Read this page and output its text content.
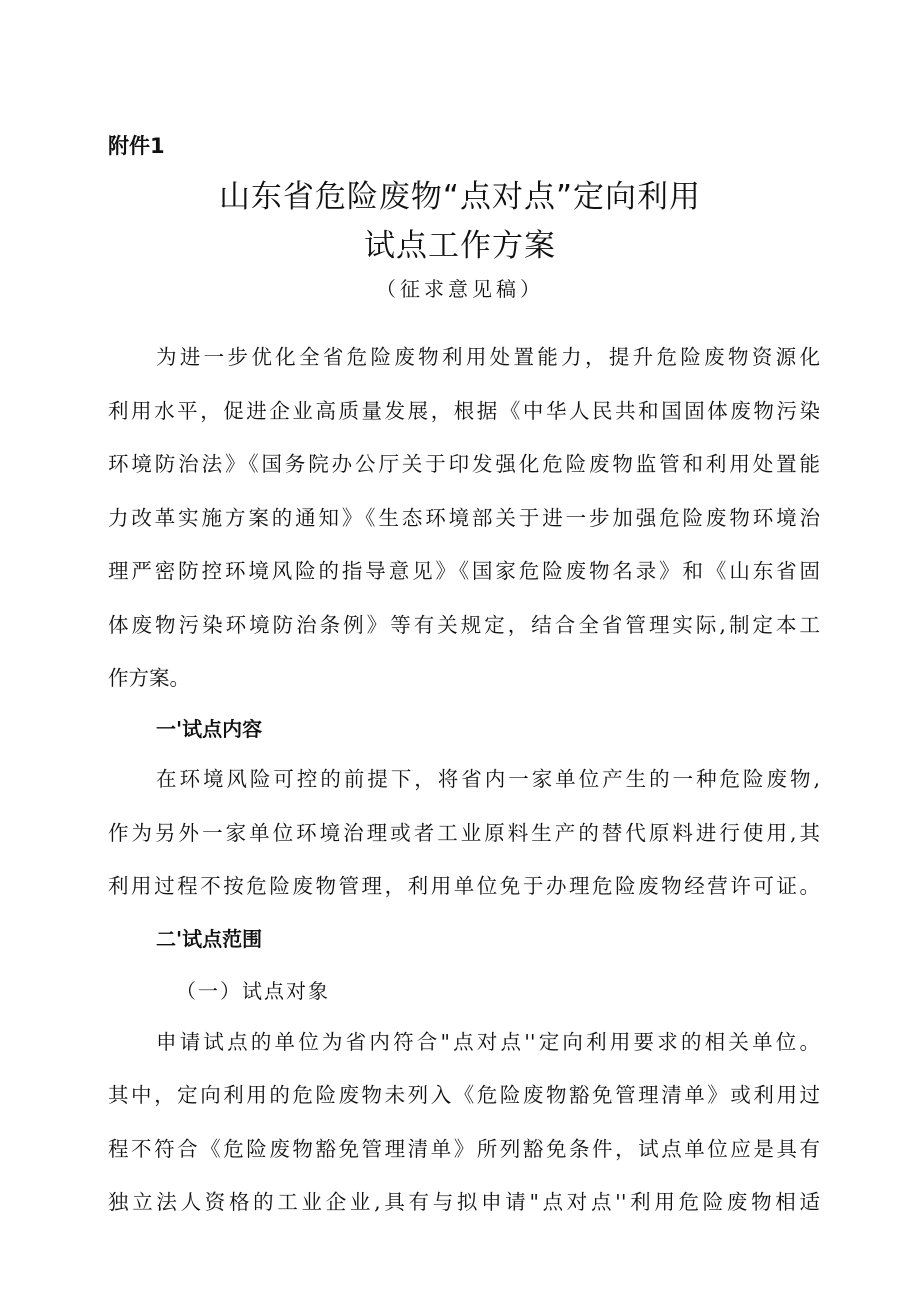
附件1
山东省危险废物“点对点”定向利用
试点工作方案
（征求意见稿）
为进一步优化全省危险废物利用处置能力，提升危险废物资源化
利用水平，促进企业高质量发展，根据《中华人民共和国固体废物污染
环境防治法》《国务院办公厅关于印发强化危险废物监管和利用处置能
力改革实施方案的通知》《生态环境部关于进一步加强危险废物环境治
理严密防控环境风险的指导意见》《国家危险废物名录》和《山东省固
体废物污染环境防治条例》等有关规定，结合全省管理实际,制定本工
作方案。
一'试点内容
在环境风险可控的前提下，将省内一家单位产生的一种危险废物,
作为另外一家单位环境治理或者工业原料生产的替代原料进行使用,其
利用过程不按危险废物管理，利用单位免于办理危险废物经营许可证。
二'试点范围
（一）试点对象
申请试点的单位为省内符合"点对点''定向利用要求的相关单位。
其中，定向利用的危险废物未列入《危险废物豁免管理清单》或利用过
程不符合《危险废物豁免管理清单》所列豁免条件，试点单位应是具有
独立法人资格的工业企业,具有与拟申请"点对点''利用危险废物相适
